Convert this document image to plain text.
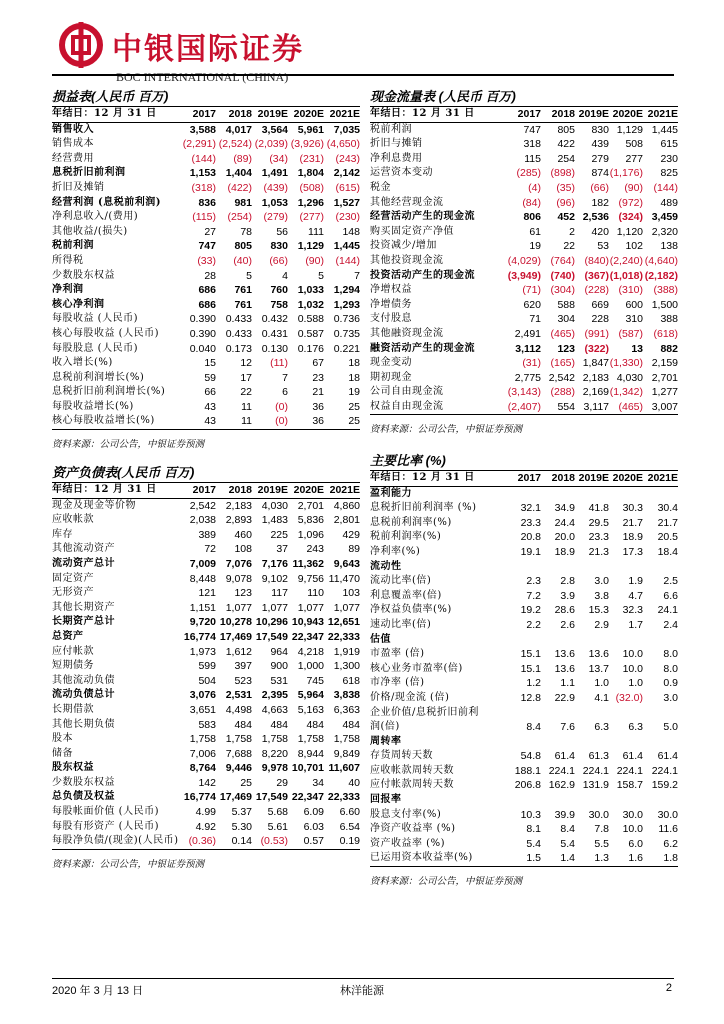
中银国际证券
BOC INTERNATIONAL (CHINA)
损益表(人民币 百万)
年结日：12 月 31 日	2017	2018	2019E	2020E	2021E
销售收入	3,588	4,017	3,564	5,961	7,035
销售成本	(2,291)	(2,524)	(2,039)	(3,926)	(4,650)
经营费用	(144)	(89)	(34)	(231)	(243)
息税折旧前利润	1,153	1,404	1,491	1,804	2,142
折旧及摊销	(318)	(422)	(439)	(508)	(615)
经营利润 (息税前利润)	836	981	1,053	1,296	1,527
净利息收入/(费用)	(115)	(254)	(279)	(277)	(230)
其他收益/(损失)	27	78	56	111	148
税前利润	747	805	830	1,129	1,445
所得税	(33)	(40)	(66)	(90)	(144)
少数股东权益	28	5	4	5	7
净利润	686	761	760	1,033	1,294
核心净利润	686	761	758	1,032	1,293
每股收益 (人民币)	0.390	0.433	0.432	0.588	0.736
核心每股收益 (人民币)	0.390	0.433	0.431	0.587	0.735
每股股息 (人民币)	0.040	0.173	0.130	0.176	0.221
收入增长(%)	15	12	(11)	67	18
息税前利润增长(%)	59	17	7	23	18
息税折旧前利润增长(%)	66	22	6	21	19
每股收益增长(%)	43	11	(0)	36	25
核心每股收益增长(%)	43	11	(0)	36	25
资料来源：公司公告，中银证券预测
资产负债表(人民币 百万)
年结日：12 月 31 日	2017	2018	2019E	2020E	2021E
现金及现金等价物	2,542	2,183	4,030	2,701	4,860
应收帐款	2,038	2,893	1,483	5,836	2,801
库存	389	460	225	1,096	429
其他流动资产	72	108	37	243	89
流动资产总计	7,009	7,076	7,176	11,362	9,643
固定资产	8,448	9,078	9,102	9,756	11,470
无形资产	121	123	117	110	103
其他长期资产	1,151	1,077	1,077	1,077	1,077
长期资产总计	9,720	10,278	10,296	10,943	12,651
总资产	16,774	17,469	17,549	22,347	22,333
应付帐款	1,973	1,612	964	4,218	1,919
短期债务	599	397	900	1,000	1,300
其他流动负债	504	523	531	745	618
流动负债总计	3,076	2,531	2,395	5,964	3,838
长期借款	3,651	4,498	4,663	5,163	6,363
其他长期负债	583	484	484	484	484
股本	1,758	1,758	1,758	1,758	1,758
储备	7,006	7,688	8,220	8,944	9,849
股东权益	8,764	9,446	9,978	10,701	11,607
少数股东权益	142	25	29	34	40
总负债及权益	16,774	17,469	17,549	22,347	22,333
每股帐面价值 (人民币)	4.99	5.37	5.68	6.09	6.60
每股有形资产 (人民币)	4.92	5.30	5.61	6.03	6.54
每股净负债/(现金)(人民币)	(0.36)	0.14	(0.53)	0.57	0.19
资料来源：公司公告，中银证券预测
现金流量表 (人民币 百万)
年结日：12 月 31 日	2017	2018	2019E	2020E	2021E
税前利润	747	805	830	1,129	1,445
折旧与摊销	318	422	439	508	615
净利息费用	115	254	279	277	230
运营资本变动	(285)	(898)	874	(1,176)	825
税金	(4)	(35)	(66)	(90)	(144)
其他经营现金流	(84)	(96)	182	(972)	489
经营活动产生的现金流	806	452	2,536	(324)	3,459
购买固定资产净值	61	2	420	1,120	2,320
投资减少/增加	19	22	53	102	138
其他投资现金流	(4,029)	(764)	(840)	(2,240)	(4,640)
投资活动产生的现金流	(3,949)	(740)	(367)	(1,018)	(2,182)
净增权益	(71)	(304)	(228)	(310)	(388)
净增债务	620	588	669	600	1,500
支付股息	71	304	228	310	388
其他融资现金流	2,491	(465)	(991)	(587)	(618)
融资活动产生的现金流	3,112	123	(322)	13	882
现金变动	(31)	(165)	1,847	(1,330)	2,159
期初现金	2,775	2,542	2,183	4,030	2,701
公司自由现金流	(3,143)	(288)	2,169	(1,342)	1,277
权益自由现金流	(2,407)	554	3,117	(465)	3,007
资料来源：公司公告，中银证券预测
主要比率 (%)
年结日：12 月 31 日	2017	2018	2019E	2020E	2021E
盈利能力					
息税折旧前利润率 (%)	32.1	34.9	41.8	30.3	30.4
息税前利润率(%)	23.3	24.4	29.5	21.7	21.7
税前利润率(%)	20.8	20.0	23.3	18.9	20.5
净利率(%)	19.1	18.9	21.3	17.3	18.4
流动性					
流动比率(倍)	2.3	2.8	3.0	1.9	2.5
利息覆盖率(倍)	7.2	3.9	3.8	4.7	6.6
净权益负债率(%)	19.2	28.6	15.3	32.3	24.1
速动比率(倍)	2.2	2.6	2.9	1.7	2.4
估值					
市盈率 (倍)	15.1	13.6	13.6	10.0	8.0
核心业务市盈率(倍)	15.1	13.6	13.7	10.0	8.0
市净率 (倍)	1.2	1.1	1.0	1.0	0.9
价格/现金流 (倍)	12.8	22.9	4.1	(32.0)	3.0
企业价值/息税折旧前利					
润(倍)	8.4	7.6	6.3	6.3	5.0
周转率					
存货周转天数	54.8	61.4	61.3	61.4	61.4
应收帐款周转天数	188.1	224.1	224.1	224.1	224.1
应付帐款周转天数	206.8	162.9	131.9	158.7	159.2
回报率					
股息支付率(%)	10.3	39.9	30.0	30.0	30.0
净资产收益率 (%)	8.1	8.4	7.8	10.0	11.6
资产收益率 (%)	5.4	5.4	5.5	6.0	6.2
已运用资本收益率(%)	1.5	1.4	1.3	1.6	1.8
资料来源：公司公告，中银证券预测
2020 年 3 月 13 日	林洋能源	2
